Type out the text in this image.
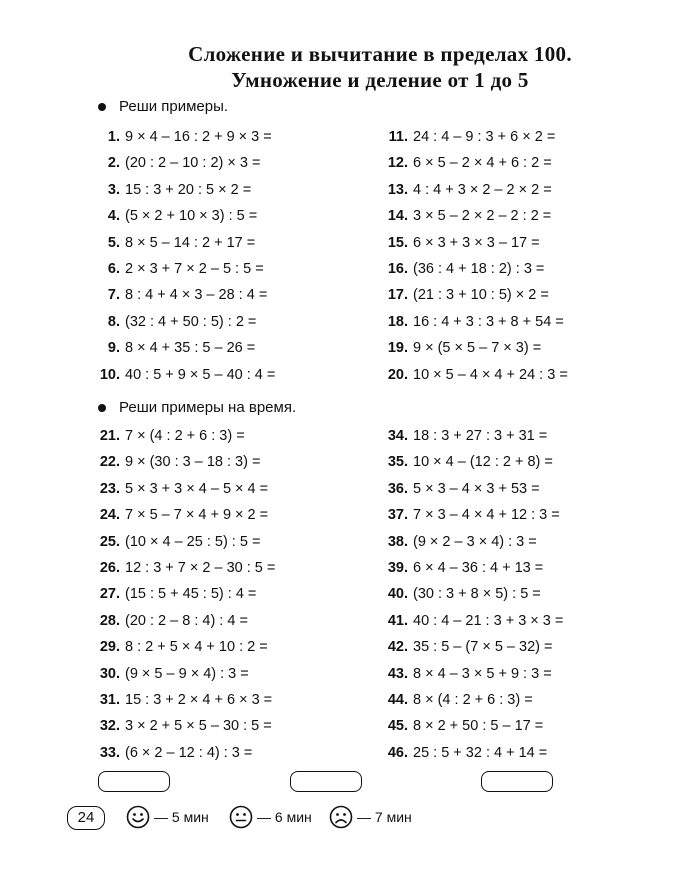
Сложение и вычитание в пределах 100.
Умножение и деление от 1 до 5
Реши примеры.
1. 9 × 4 – 16 : 2 + 9 × 3 =
2. (20 : 2 – 10 : 2) × 3 =
3. 15 : 3 + 20 : 5 × 2 =
4. (5 × 2 + 10 × 3) : 5 =
5. 8 × 5 – 14 : 2 + 17 =
6. 2 × 3 + 7 × 2 – 5 : 5 =
7. 8 : 4 + 4 × 3 – 28 : 4 =
8. (32 : 4 + 50 : 5) : 2 =
9. 8 × 4 + 35 : 5 – 26 =
10. 40 : 5 + 9 × 5 – 40 : 4 =
11. 24 : 4 – 9 : 3 + 6 × 2 =
12. 6 × 5 – 2 × 4 + 6 : 2 =
13. 4 : 4 + 3 × 2 – 2 × 2 =
14. 3 × 5 – 2 × 2 – 2 : 2 =
15. 6 × 3 + 3 × 3 – 17 =
16. (36 : 4 + 18 : 2) : 3 =
17. (21 : 3 + 10 : 5) × 2 =
18. 16 : 4 + 3 : 3 + 8 + 54 =
19. 9 × (5 × 5 – 7 × 3) =
20. 10 × 5 – 4 × 4 + 24 : 3 =
Реши примеры на время.
21. 7 × (4 : 2 + 6 : 3) =
22. 9 × (30 : 3 – 18 : 3) =
23. 5 × 3 + 3 × 4 – 5 × 4 =
24. 7 × 5 – 7 × 4 + 9 × 2 =
25. (10 × 4 – 25 : 5) : 5 =
26. 12 : 3 + 7 × 2 – 30 : 5 =
27. (15 : 5 + 45 : 5) : 4 =
28. (20 : 2 – 8 : 4) : 4 =
29. 8 : 2 + 5 × 4 + 10 : 2 =
30. (9 × 5 – 9 × 4) : 3 =
31. 15 : 3 + 2 × 4 + 6 × 3 =
32. 3 × 2 + 5 × 5 – 30 : 5 =
33. (6 × 2 – 12 : 4) : 3 =
34. 18 : 3 + 27 : 3 + 31 =
35. 10 × 4 – (12 : 2 + 8) =
36. 5 × 3 – 4 × 3 + 53 =
37. 7 × 3 – 4 × 4 + 12 : 3 =
38. (9 × 2 – 3 × 4) : 3 =
39. 6 × 4 – 36 : 4 + 13 =
40. (30 : 3 + 8 × 5) : 5 =
41. 40 : 4 – 21 : 3 + 3 × 3 =
42. 35 : 5 – (7 × 5 – 32) =
43. 8 × 4 – 3 × 5 + 9 : 3 =
44. 8 × (4 : 2 + 6 : 3) =
45. 8 × 2 + 50 : 5 – 17 =
46. 25 : 5 + 32 : 4 + 14 =
24	— 5 мин	— 6 мин	— 7 мин
